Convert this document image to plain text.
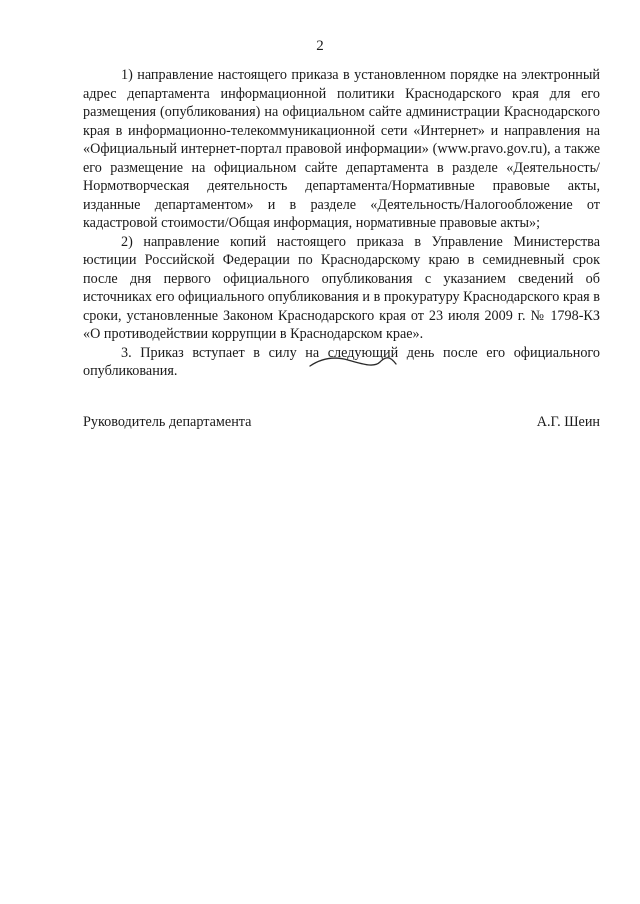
2

1) направление настоящего приказа в установленном порядке на электронный адрес департамента информационной политики Краснодарского края для его размещения (опубликования) на официальном сайте администрации Краснодарского края в информационно-телекоммуникационной сети «Интернет» и направления на «Официальный интернет-портал правовой информации» (www.pravo.gov.ru), а также его размещение на официальном сайте департамента в разделе «Деятельность/Нормотворческая деятельность департамента/Нормативные правовые акты, изданные департаментом» и в разделе «Деятельность/Налогообложение от кадастровой стоимости/Общая информация, нормативные правовые акты»;

2) направление копий настоящего приказа в Управление Министерства юстиции Российской Федерации по Краснодарскому краю в семидневный срок после дня первого официального опубликования с указанием сведений об источниках его официального опубликования и в прокуратуру Краснодарского края в сроки, установленные Законом Краснодарского края от 23 июля 2009 г. № 1798-КЗ «О противодействии коррупции в Краснодарском крае».

3. Приказ вступает в силу на следующий день после его официального опубликования.

Руководитель департамента	А.Г. Шеин
